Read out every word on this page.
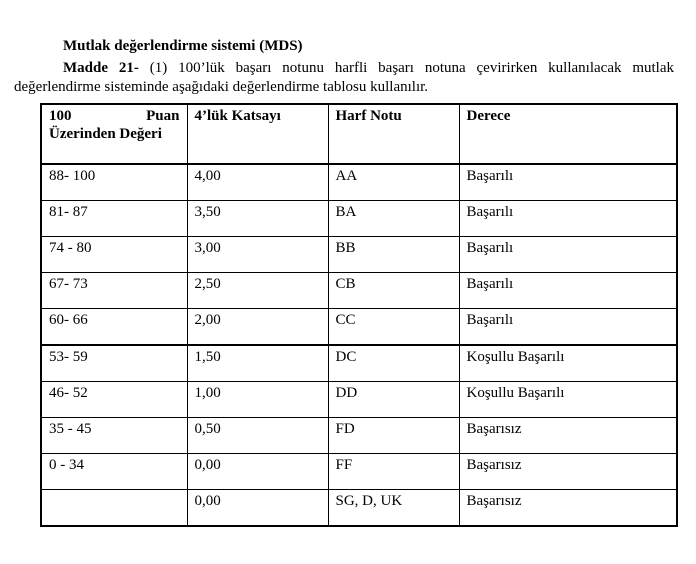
Mutlak değerlendirme sistemi (MDS)
Madde 21- (1) 100’lük başarı notunu harfli başarı notuna çevirirken kullanılacak mutlak
değerlendirme sisteminde aşağıdaki değerlendirme tablosu kullanılır.
100 Puan
Üzerinden Değeri	4’lük Katsayı	Harf Notu	Derece
88- 100	4,00	AA	Başarılı
81- 87	3,50	BA	Başarılı
74 - 80	3,00	BB	Başarılı
67- 73	2,50	CB	Başarılı
60- 66	2,00	CC	Başarılı
53- 59	1,50	DC	Koşullu Başarılı
46- 52	1,00	DD	Koşullu Başarılı
35 - 45	0,50	FD	Başarısız
0 - 34	0,00	FF	Başarısız
	0,00	SG, D, UK	Başarısız
